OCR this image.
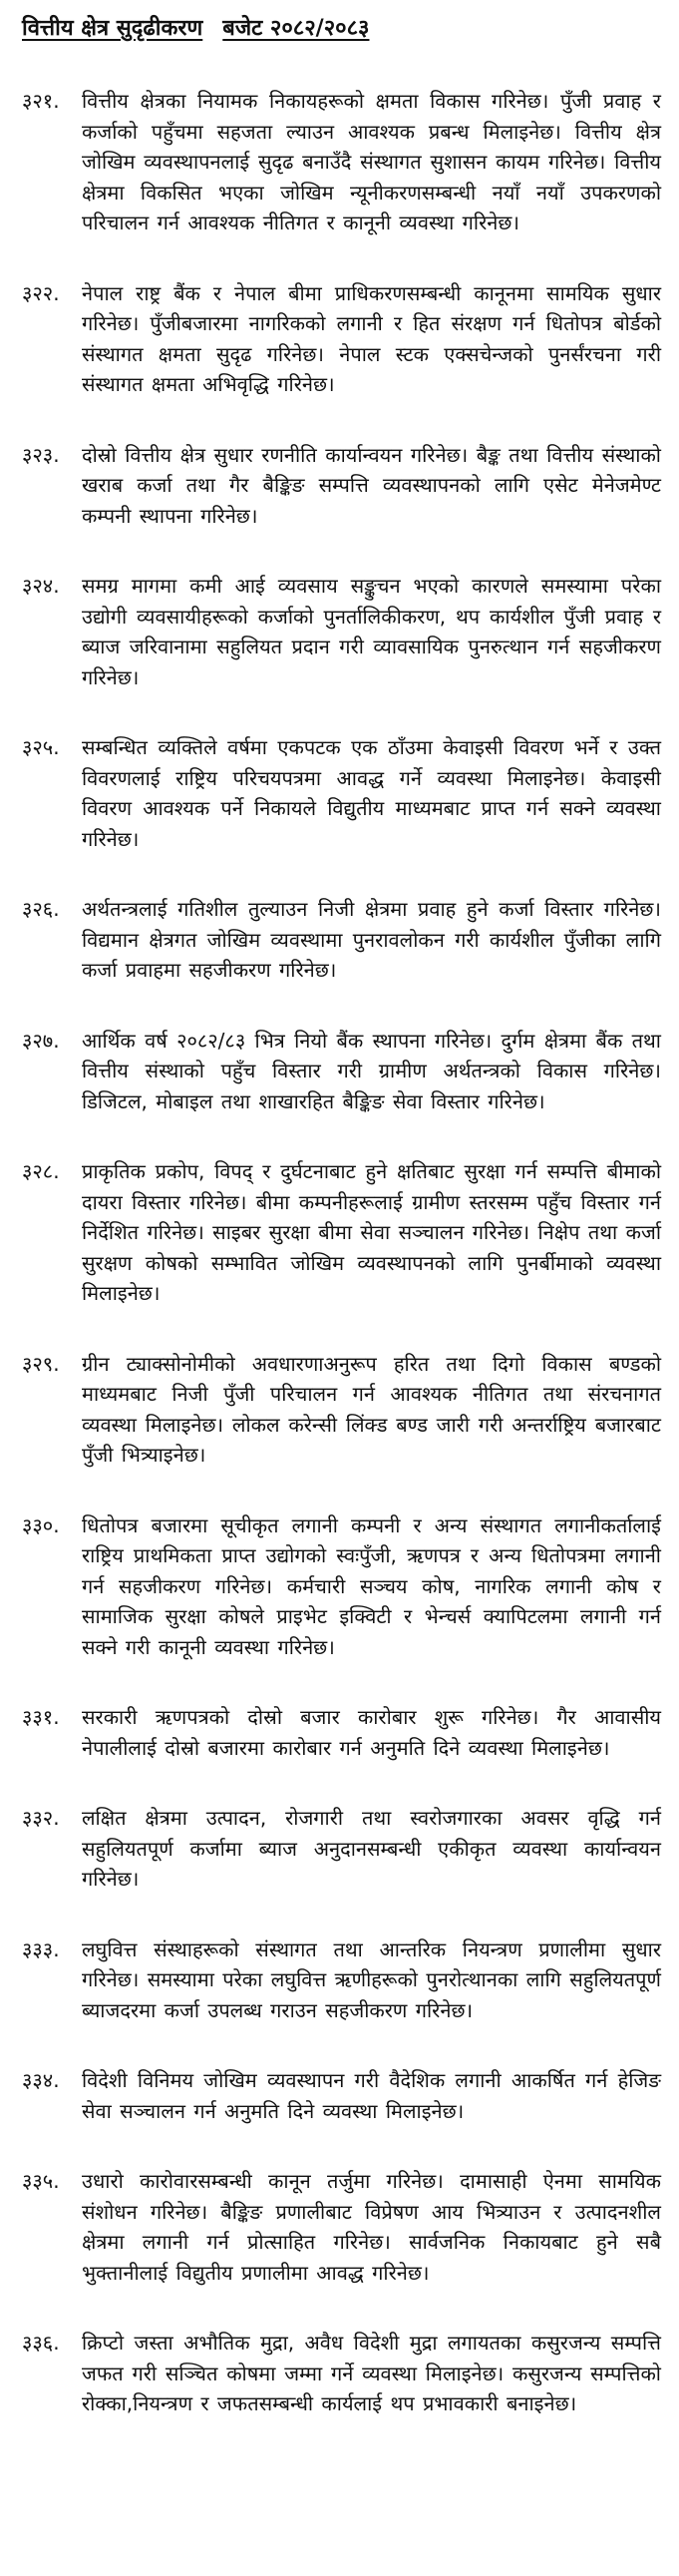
वित्तीय क्षेत्र सुदृढीकरण बजेट २०८२/२०८३
३२१.	वित्तीय क्षेत्रका नियामक निकायहरूको क्षमता विकास गरिनेछ। पुँजी प्रवाह र कर्जाको पहुँचमा सहजता ल्याउन आवश्यक प्रबन्ध मिलाइनेछ। वित्तीय क्षेत्र जोखिम व्यवस्थापनलाई सुदृढ बनाउँदै संस्थागत सुशासन कायम गरिनेछ। वित्तीय क्षेत्रमा विकसित भएका जोखिम न्यूनीकरणसम्बन्धी नयाँ नयाँ उपकरणको परिचालन गर्न आवश्यक नीतिगत र कानूनी व्यवस्था गरिनेछ।
३२२.	नेपाल राष्ट्र बैंक र नेपाल बीमा प्राधिकरणसम्बन्धी कानूनमा सामयिक सुधार गरिनेछ। पुँजीबजारमा नागरिकको लगानी र हित संरक्षण गर्न धितोपत्र बोर्डको संस्थागत क्षमता सुदृढ गरिनेछ। नेपाल स्टक एक्सचेन्जको पुनर्संरचना गरी संस्थागत क्षमता अभिवृद्धि गरिनेछ।
३२३.	दोस्रो वित्तीय क्षेत्र सुधार रणनीति कार्यान्वयन गरिनेछ। बैङ्क तथा वित्तीय संस्थाको खराब कर्जा तथा गैर बैङ्किङ सम्पत्ति व्यवस्थापनको लागि एसेट मेनेजमेण्ट कम्पनी स्थापना गरिनेछ।
३२४.	समग्र मागमा कमी आई व्यवसाय सङ्कुचन भएको कारणले समस्यामा परेका उद्योगी व्यवसायीहरूको कर्जाको पुनर्तालिकीकरण, थप कार्यशील पुँजी प्रवाह र ब्याज जरिवानामा सहुलियत प्रदान गरी व्यावसायिक पुनरुत्थान गर्न सहजीकरण गरिनेछ।
३२५.	सम्बन्धित व्यक्तिले वर्षमा एकपटक एक ठाँउमा केवाइसी विवरण भर्ने र उक्त विवरणलाई राष्ट्रिय परिचयपत्रमा आवद्ध गर्ने व्यवस्था मिलाइनेछ। केवाइसी विवरण आवश्यक पर्ने निकायले विद्युतीय माध्यमबाट प्राप्त गर्न सक्ने व्यवस्था गरिनेछ।
३२६.	अर्थतन्त्रलाई गतिशील तुल्याउन निजी क्षेत्रमा प्रवाह हुने कर्जा विस्तार गरिनेछ। विद्यमान क्षेत्रगत जोखिम व्यवस्थामा पुनरावलोकन गरी कार्यशील पुँजीका लागि कर्जा प्रवाहमा सहजीकरण गरिनेछ।
३२७.	आर्थिक वर्ष २०८२/८३ भित्र नियो बैंक स्थापना गरिनेछ। दुर्गम क्षेत्रमा बैंक तथा वित्तीय संस्थाको पहुँच विस्तार गरी ग्रामीण अर्थतन्त्रको विकास गरिनेछ। डिजिटल, मोबाइल तथा शाखारहित बैङ्किङ सेवा विस्तार गरिनेछ।
३२८.	प्राकृतिक प्रकोप, विपद् र दुर्घटनाबाट हुने क्षतिबाट सुरक्षा गर्न सम्पत्ति बीमाको दायरा विस्तार गरिनेछ। बीमा कम्पनीहरूलाई ग्रामीण स्तरसम्म पहुँच विस्तार गर्न निर्देशित गरिनेछ। साइबर सुरक्षा बीमा सेवा सञ्चालन गरिनेछ। निक्षेप तथा कर्जा सुरक्षण कोषको सम्भावित जोखिम व्यवस्थापनको लागि पुनर्बीमाको व्यवस्था मिलाइनेछ।
३२९.	ग्रीन ट्याक्सोनोमीको अवधारणाअनुरूप हरित तथा दिगो विकास बण्डको माध्यमबाट निजी पुँजी परिचालन गर्न आवश्यक नीतिगत तथा संरचनागत व्यवस्था मिलाइनेछ। लोकल करेन्सी लिंक्ड बण्ड जारी गरी अन्तर्राष्ट्रिय बजारबाट पुँजी भित्र्याइनेछ।
३३०.	धितोपत्र बजारमा सूचीकृत लगानी कम्पनी र अन्य संस्थागत लगानीकर्तालाई राष्ट्रिय प्राथमिकता प्राप्त उद्योगको स्वःपुँजी, ऋणपत्र र अन्य धितोपत्रमा लगानी गर्न सहजीकरण गरिनेछ। कर्मचारी सञ्चय कोष, नागरिक लगानी कोष र सामाजिक सुरक्षा कोषले प्राइभेट इक्विटी र भेन्चर्स क्यापिटलमा लगानी गर्न सक्ने गरी कानूनी व्यवस्था गरिनेछ।
३३१.	सरकारी ऋणपत्रको दोस्रो बजार कारोबार शुरू गरिनेछ। गैर आवासीय नेपालीलाई दोस्रो बजारमा कारोबार गर्न अनुमति दिने व्यवस्था मिलाइनेछ।
३३२.	लक्षित क्षेत्रमा उत्पादन, रोजगारी तथा स्वरोजगारका अवसर वृद्धि गर्न सहुलियतपूर्ण कर्जामा ब्याज अनुदानसम्बन्धी एकीकृत व्यवस्था कार्यान्वयन गरिनेछ।
३३३.	लघुवित्त संस्थाहरूको संस्थागत तथा आन्तरिक नियन्त्रण प्रणालीमा सुधार गरिनेछ। समस्यामा परेका लघुवित्त ऋणीहरूको पुनरोत्थानका लागि सहुलियतपूर्ण ब्याजदरमा कर्जा उपलब्ध गराउन सहजीकरण गरिनेछ।
३३४.	विदेशी विनिमय जोखिम व्यवस्थापन गरी वैदेशिक लगानी आकर्षित गर्न हेजिङ सेवा सञ्चालन गर्न अनुमति दिने व्यवस्था मिलाइनेछ।
३३५.	उधारो कारोवारसम्बन्धी कानून तर्जुमा गरिनेछ। दामासाही ऐनमा सामयिक संशोधन गरिनेछ। बैङ्किङ प्रणालीबाट विप्रेषण आय भित्र्याउन र उत्पादनशील क्षेत्रमा लगानी गर्न प्रोत्साहित गरिनेछ। सार्वजनिक निकायबाट हुने सबै भुक्तानीलाई विद्युतीय प्रणालीमा आवद्ध गरिनेछ।
३३६.	क्रिप्टो जस्ता अभौतिक मुद्रा, अवैध विदेशी मुद्रा लगायतका कसुरजन्य सम्पत्ति जफत गरी सञ्चित कोषमा जम्मा गर्ने व्यवस्था मिलाइनेछ। कसुरजन्य सम्पत्तिको रोक्का,नियन्त्रण र जफतसम्बन्धी कार्यलाई थप प्रभावकारी बनाइनेछ।
